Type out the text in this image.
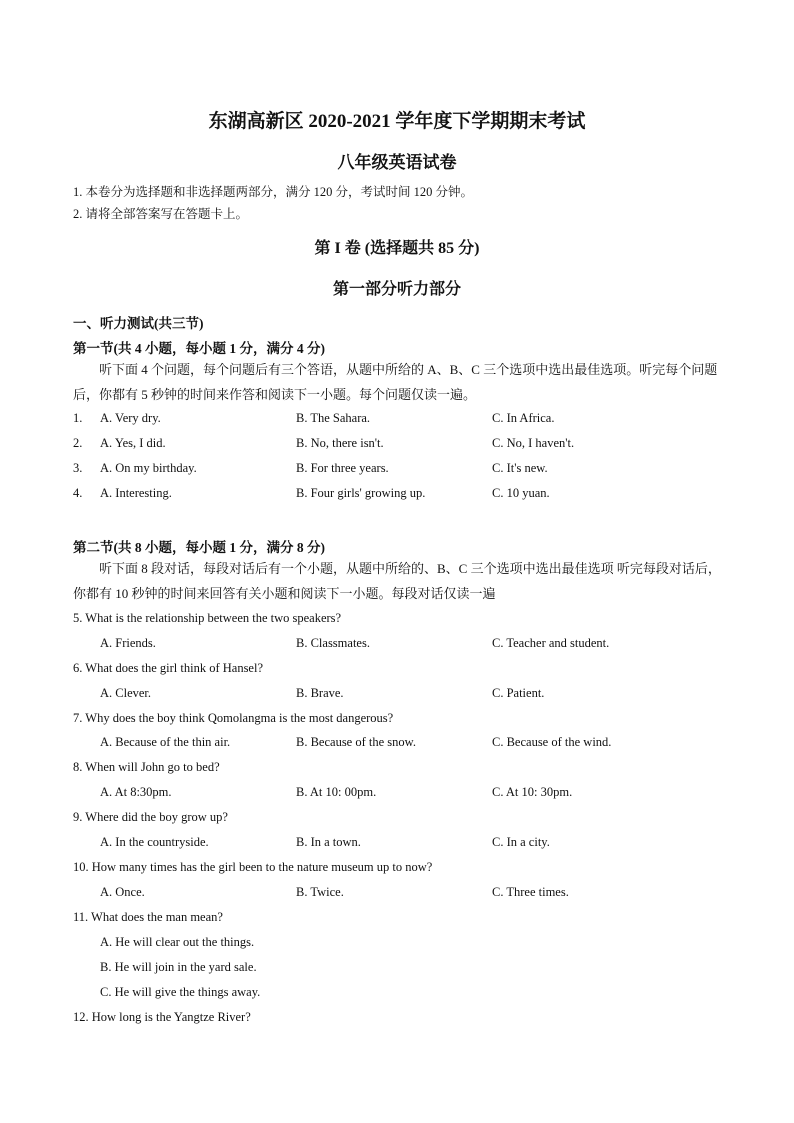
东湖高新区 2020-2021 学年度下学期期末考试
八年级英语试卷
1. 本卷分为选择题和非选择题两部分，满分 120 分，考试时间 120 分钟。
2. 请将全部答案写在答题卡上。
第 I 卷 (选择题共 85 分)
第一部分听力部分
一、听力测试(共三节)
第一节(共 4 小题，每小题 1 分，满分 4 分)
听下面 4 个问题，每个问题后有三个答语，从题中所给的 A、B、C 三个选项中选出最佳选项。听完每个问题后，你都有 5 秒钟的时间来作答和阅读下一小题。每个问题仅读一遍。
1. A. Very dry.	B. The Sahara.	C. In Africa.
2. A. Yes, I did.	B. No, there isn't.	C. No, I haven't.
3. A. On my birthday.	B. For three years.	C. It's new.
4. A. Interesting.	B. Four girls' growing up.	C. 10 yuan.
第二节(共 8 小题，每小题 1 分，满分 8 分)
听下面 8 段对话，每段对话后有一个小题，从题中所给的、B、C 三个选项中选出最佳选项 听完每段对话后，你都有 10 秒钟的时间来回答有关小题和阅读下一小题。每段对话仅读一遍
5. What is the relationship between the two speakers?
A. Friends.	B. Classmates.	C. Teacher and student.
6. What does the girl think of Hansel?
A. Clever.	B. Brave.	C. Patient.
7. Why does the boy think Qomolangma is the most dangerous?
A. Because of the thin air.	B. Because of the snow.	C. Because of the wind.
8. When will John go to bed?
A. At 8:30pm.	B. At 10: 00pm.	C. At 10: 30pm.
9. Where did the boy grow up?
A. In the countryside.	B. In a town.	C. In a city.
10. How many times has the girl been to the nature museum up to now?
A. Once.	B. Twice.	C. Three times.
11. What does the man mean?
A. He will clear out the things.
B. He will join in the yard sale.
C. He will give the things away.
12. How long is the Yangtze River?
